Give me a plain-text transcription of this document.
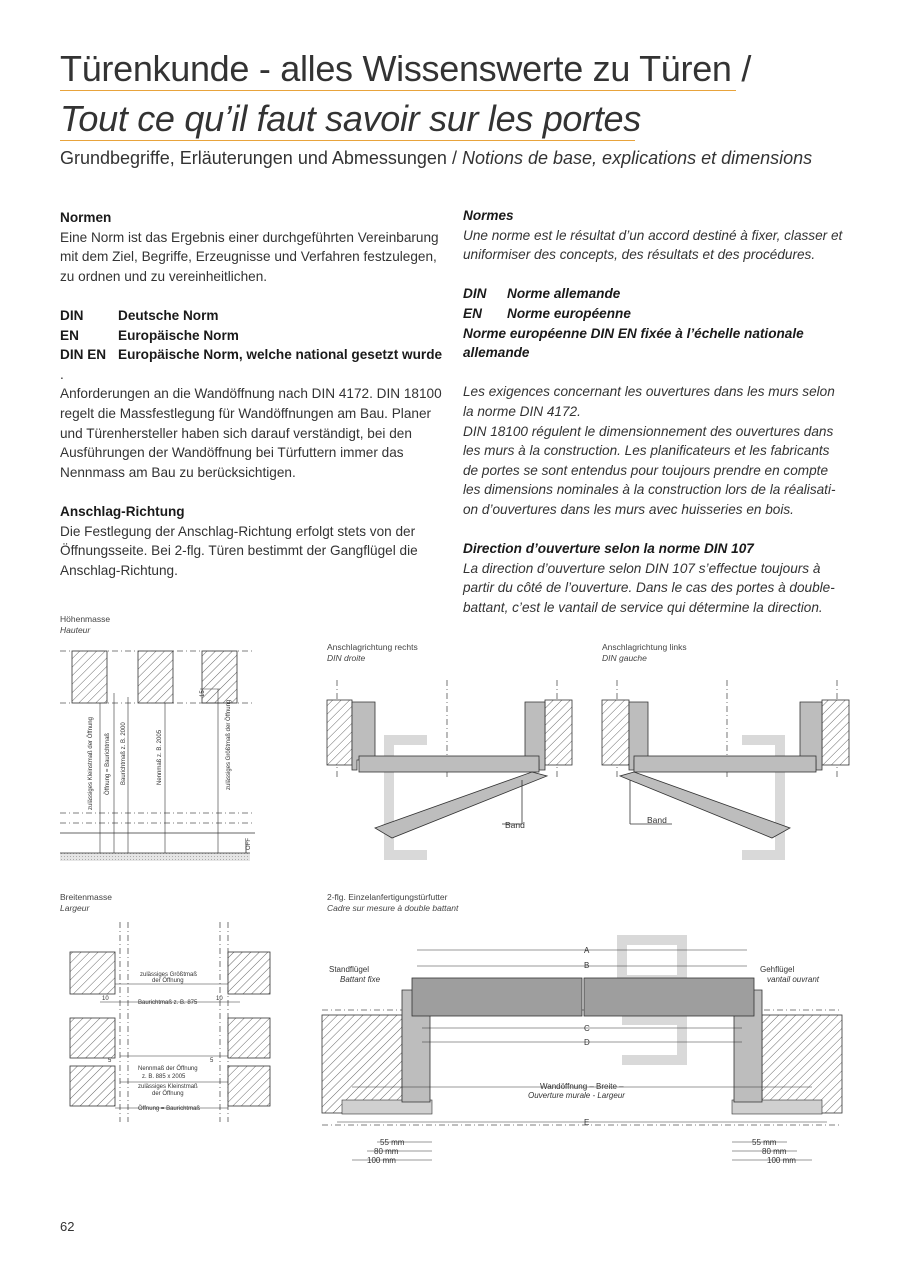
Türenkunde - alles Wissenswerte zu Türen /
Tout ce qu’il faut savoir sur les portes
Grundbegriffe, Erläuterungen und Abmessungen / Notions de base, explications et dimensions
Normen

Eine Norm ist das Ergebnis einer durchgeführten Vereinbarung mit dem Ziel, Begriffe, Erzeugnisse und Verfahren festzulegen, zu ordnen und zu vereinheitlichen.

DIN	Deutsche Norm
EN	Europäische Norm
DIN EN Europäische Norm, welche national gesetzt wurde
.

Anforderungen an die Wandöffnung nach DIN 4172. DIN 18100 regelt die Massfestlegung für Wandöffnungen am Bau. Planer und Türenhersteller haben sich darauf verständigt, bei den Ausführungen der Wandöffnung bei Türfuttern immer das Nennmass am Bau zu berücksichtigen.

Anschlag-Richtung

Die Festlegung der Anschlag-Richtung erfolgt stets von der Öffnungsseite. Bei 2-flg. Türen bestimmt der Gangflügel die Anschlag-Richtung.

Normes

Une norme est le résultat d’un accord destiné à fixer, classer et uniformiser des concepts, des résultats et des procédures.

DIN	Norme allemande
EN	Norme européenne
Norme européenne DIN EN fixée à l’échelle nationale allemande

Les exigences concernant les ouvertures dans les murs selon la norme DIN 4172.

DIN 18100 régulent le dimensionnement des ouvertures dans les murs à la construction. Les planificateurs et les fabricants de portes se sont entendus pour toujours prendre en compte les dimensions nominales à la construction lors de la réalisati-on d’ouvertures dans les murs avec huisseries en bois.

Direction d’ouverture selon la norme DIN 107

La direction d’ouverture selon DIN 107 s’effectue toujours à partir du côté de l’ouverture. Dans le cas des portes à double-battant, c’est le vantail de service qui détermine la direction.

Höhenmasse
Hauteur
Anschlagrichtung rechts
DIN droite
Anschlagrichtung links
DIN gauche
Breitenmasse
Largeur
2-flg. Einzelanfertigungstürfutter
Cadre sur mesure à double battant
zulässiges Kleinstmaß der Öffnung Öffnung = Baurichtmaß Baurichtmaß z. B. 2000	Nennmaß z. B. 2005	zulässiges Größtmaß der Öffnung
15
OFF
Band	Band
zulässiges Größtmaß
der Öffnung
10
Baurichtmaß z. B. 875
10
5	5
Nennmaß der Öffnung
z. B. 885 x 2005
zulässiges Kleinstmaß
der Öffnung
Öffnung = Baurichtmaß
A
B
C
D
E
Standflügel
Battant fixe
Gehflügel
vantail ouvrant
Wandöffnung – Breite –
Ouverture murale - Largeur
55 mm
80 mm
100 mm
55 mm
80 mm
100 mm
62
